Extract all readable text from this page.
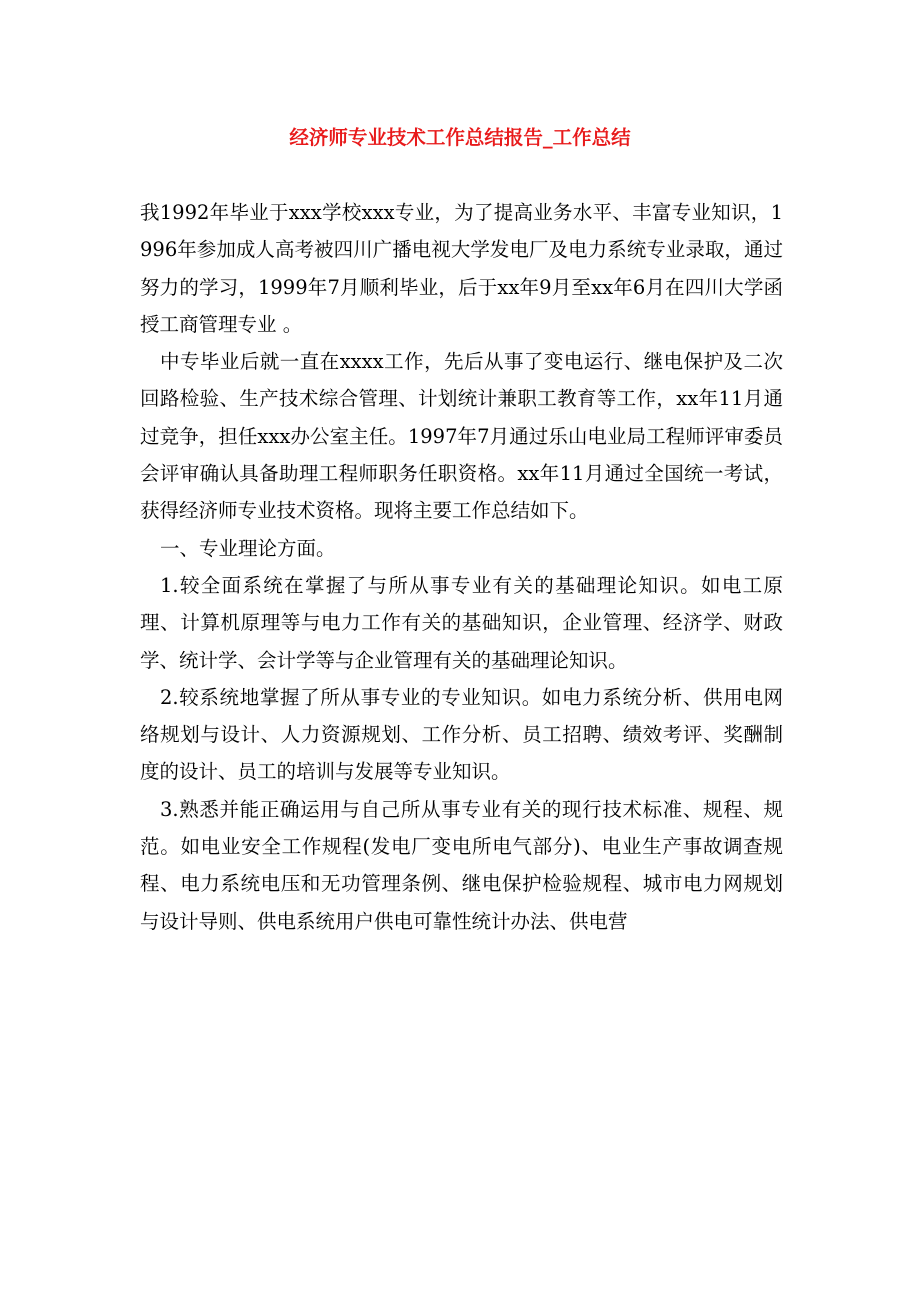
经济师专业技术工作总结报告_工作总结

我1992年毕业于xxx学校xxx专业，为了提高业务水平、丰富专业知识，1996年参加成人高考被四川广播电视大学发电厂及电力系统专业录取，通过努力的学习，1999年7月顺利毕业，后于xx年9月至xx年6月在四川大学函授工商管理专业 。

中专毕业后就一直在xxxx工作，先后从事了变电运行、继电保护及二次回路检验、生产技术综合管理、计划统计兼职工教育等工作，xx年11月通过竞争，担任xxx办公室主任。1997年7月通过乐山电业局工程师评审委员会评审确认具备助理工程师职务任职资格。xx年11月通过全国统一考试，获得经济师专业技术资格。现将主要工作总结如下。

一、专业理论方面。

1.较全面系统在掌握了与所从事专业有关的基础理论知识。如电工原理、计算机原理等与电力工作有关的基础知识，企业管理、经济学、财政学、统计学、会计学等与企业管理有关的基础理论知识。

2.较系统地掌握了所从事专业的专业知识。如电力系统分析、供用电网络规划与设计、人力资源规划、工作分析、员工招聘、绩效考评、奖酬制度的设计、员工的培训与发展等专业知识。

3.熟悉并能正确运用与自己所从事专业有关的现行技术标准、规程、规范。如电业安全工作规程(发电厂变电所电气部分)、电业生产事故调查规程、电力系统电压和无功管理条例、继电保护检验规程、城市电力网规划与设计导则、供电系统用户供电可靠性统计办法、供电营
